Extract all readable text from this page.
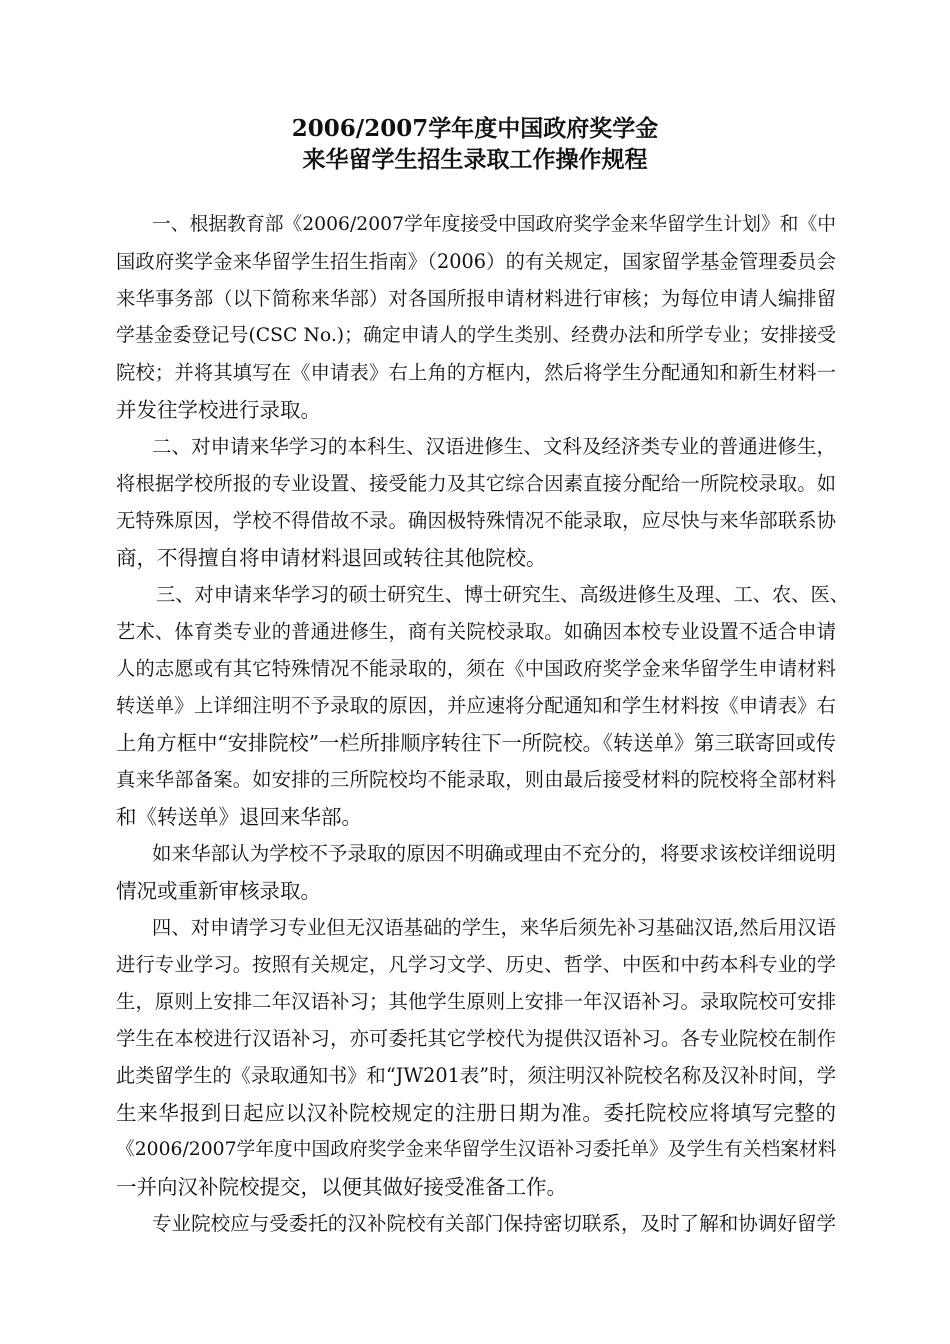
2006/2007学年度中国政府奖学金
来华留学生招生录取工作操作规程
一、根据教育部《2006/2007学年度接受中国政府奖学金来华留学生计划》和《中
国政府奖学金来华留学生招生指南》（2006）的有关规定，国家留学基金管理委员会
来华事务部（以下简称来华部）对各国所报申请材料进行审核；为每位申请人编排留
学基金委登记号(CSC No.)；确定申请人的学生类别、经费办法和所学专业；安排接受
院校；并将其填写在《申请表》右上角的方框内，然后将学生分配通知和新生材料一
并发往学校进行录取。
二、对申请来华学习的本科生、汉语进修生、文科及经济类专业的普通进修生，
将根据学校所报的专业设置、接受能力及其它综合因素直接分配给一所院校录取。如
无特殊原因，学校不得借故不录。确因极特殊情况不能录取，应尽快与来华部联系协
商，不得擅自将申请材料退回或转往其他院校。
三、对申请来华学习的硕士研究生、博士研究生、高级进修生及理、工、农、医、
艺术、体育类专业的普通进修生，商有关院校录取。如确因本校专业设置不适合申请
人的志愿或有其它特殊情况不能录取的，须在《中国政府奖学金来华留学生申请材料
转送单》上详细注明不予录取的原因，并应速将分配通知和学生材料按《申请表》右
上角方框中“安排院校”一栏所排顺序转往下一所院校。《转送单》第三联寄回或传
真来华部备案。如安排的三所院校均不能录取，则由最后接受材料的院校将全部材料
和《转送单》退回来华部。
如来华部认为学校不予录取的原因不明确或理由不充分的，将要求该校详细说明
情况或重新审核录取。
四、对申请学习专业但无汉语基础的学生，来华后须先补习基础汉语,然后用汉语
进行专业学习。按照有关规定，凡学习文学、历史、哲学、中医和中药本科专业的学
生，原则上安排二年汉语补习；其他学生原则上安排一年汉语补习。录取院校可安排
学生在本校进行汉语补习，亦可委托其它学校代为提供汉语补习。各专业院校在制作
此类留学生的《录取通知书》和“JW201表”时，须注明汉补院校名称及汉补时间，学
生来华报到日起应以汉补院校规定的注册日期为准。委托院校应将填写完整的
《2006/2007学年度中国政府奖学金来华留学生汉语补习委托单》及学生有关档案材料
一并向汉补院校提交，以便其做好接受准备工作。
专业院校应与受委托的汉补院校有关部门保持密切联系，及时了解和协调好留学
